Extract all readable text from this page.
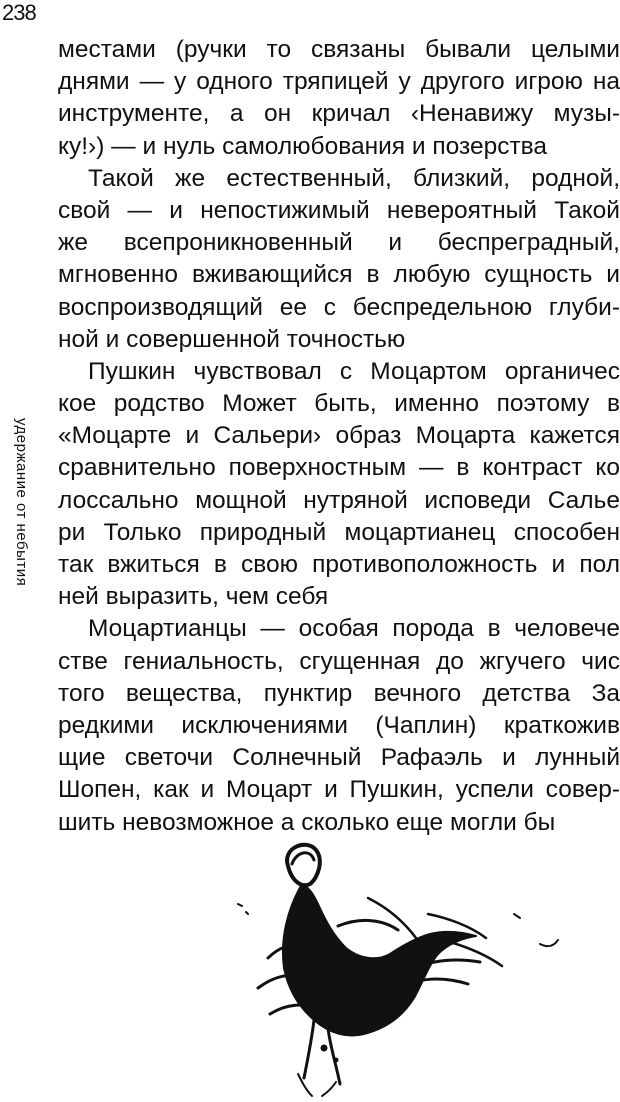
238
удержание от небытия
местами (ручки то связаны бывали целыми
днями — у одного тряпицей у другого игрою на
инструменте, а он кричал ‹Ненавижу музы-
ку!›) — и нуль самолюбования и позерства
Такой же естественный, близкий, родной,
свой — и непостижимый невероятный Такой
же всепроникновенный и беспреградный,
мгновенно вживающийся в любую сущность и
воспроизводящий ее с беспредельною глуби-
ной и совершенной точностью
Пушкин чувствовал с Моцартом органичес
кое родство Может быть, именно поэтому в
«Моцарте и Сальери› образ Моцарта кажется
сравнительно поверхностным — в контраст ко
лоссально мощной нутряной исповеди Салье
ри Только природный моцартианец способен
так вжиться в свою противоположность и пол
ней выразить, чем себя
Моцартианцы — особая порода в человече
стве гениальность, сгущенная до жгучего чис
того вещества, пунктир вечного детства За
редкими исключениями (Чаплин) краткожив
щие светочи Солнечный Рафаэль и лунный
Шопен, как и Моцарт и Пушкин, успели совер-
шить невозможное а сколько еще могли бы
